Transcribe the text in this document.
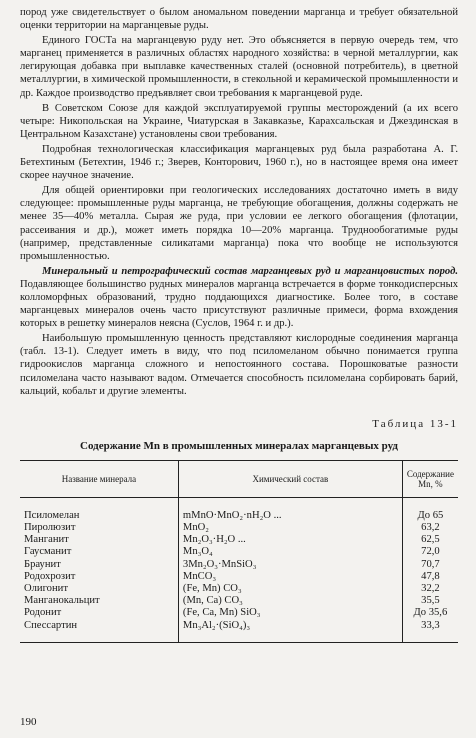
пород уже свидетельствует о былом аномальном поведении марганца и требует обязательной оценки территории на марганцевые руды.

Единого ГОСТа на марганцевую руду нет. Это объясняется в первую очередь тем, что марганец применяется в различных областях народного хозяйства: в черной металлургии, как легирующая добавка при выплавке качественных сталей (основной потребитель), в цветной металлургии, в химической промышленности, в стекольной и керамической промышленности и др. Каждое производство предъявляет свои требования к марганцевой руде.

В Советском Союзе для каждой эксплуатируемой группы месторождений (а их всего четыре: Никопольская на Украине, Чиатурская в Закавказье, Карахсальская и Джездинская в Центральном Казахстане) установлены свои требования.

Подробная технологическая классификация марганцевых руд была разработана А. Г. Бетехтиным (Бетехтин, 1946 г.; Зверев, Конторович, 1960 г.), но в настоящее время она имеет скорее научное значение.

Для общей ориентировки при геологических исследованиях достаточно иметь в виду следующее: промышленные руды марганца, не требующие обогащения, должны содержать не менее 35—40% металла. Сырая же руда, при условии ее легкого обогащения (флотации, рассеивания и др.), может иметь порядка 10—20% марганца. Труднообогатимые руды (например, представленные силикатами марганца) пока что вообще не используются промышленностью.

Минеральный и петрографический состав марганцевых руд и марганцовистых пород. Подавляющее большинство рудных минералов марганца встречается в форме тонкодисперсных колломорфных образований, трудно поддающихся диагностике. Более того, в составе марганцевых минералов очень часто присутствуют различные примеси, форма вхождения которых в решетку минералов неясна (Суслов, 1964 г. и др.).

Наибольшую промышленную ценность представляют кислородные соединения марганца (табл. 13-1). Следует иметь в виду, что под псиломеланом обычно понимается группа гидроокислов марганца сложного и непостоянного состава. Порошковатые разности псиломелана часто называют вадом. Отмечается способность псиломелана сорбировать барий, кальций, кобальт и другие элементы.

Таблица 13-1
Содержание Mn в промышленных минералах марганцевых руд
Название минерала	Химический состав	Содержание Mn, %
Псиломелан	mMnO·MnO₂·nH₂O ...	До 65
Пиролюзит	MnO₂	63,2
Манганит	Mn₂O₃·H₂O ...	62,5
Гаусманит	Mn₃O₄	72,0
Браунит	3Mn₂O₃·MnSiO₃	70,7
Родохрозит	MnCO₃	47,8
Олигонит	(Fe, Mn) CO₃	32,2
Манганокальцит	(Mn, Ca) CO₃	35,5
Родонит	(Fe, Ca, Mn) SiO₃	До 35,6
Спессартин	Mn₃Al₂·(SiO₄)₃	33,3
190
